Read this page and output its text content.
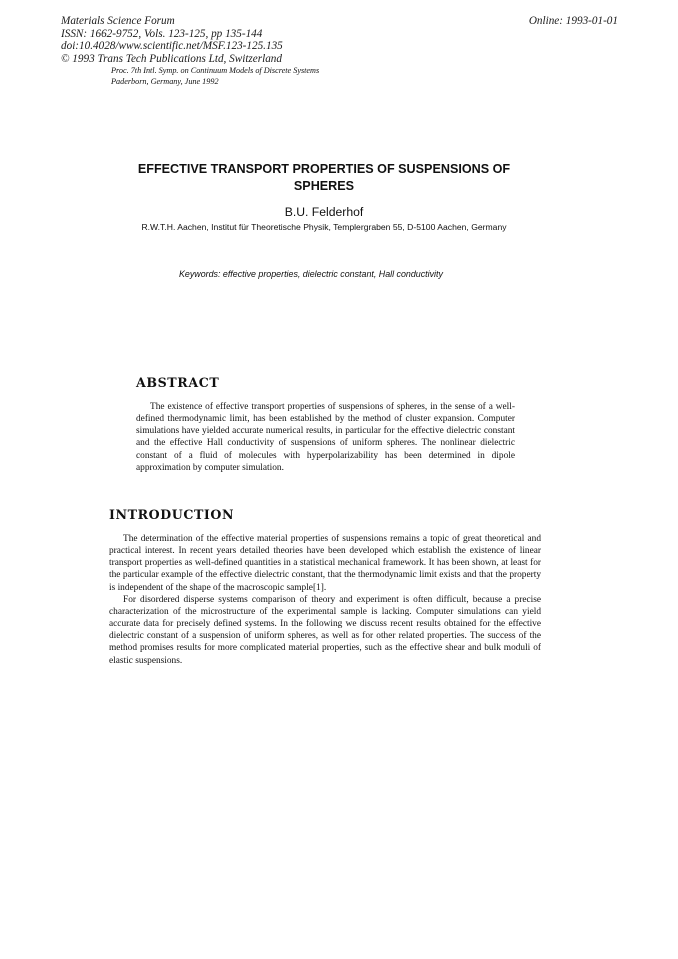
Materials Science Forum
ISSN: 1662-9752, Vols. 123-125, pp 135-144
doi:10.4028/www.scientific.net/MSF.123-125.135
© 1993 Trans Tech Publications Ltd, Switzerland
Online: 1993-01-01
Proc. 7th Intl. Symp. on Continuum Models of Discrete Systems
Paderborn, Germany, June 1992
EFFECTIVE TRANSPORT PROPERTIES OF SUSPENSIONS OF
SPHERES
B.U. Felderhof
R.W.T.H. Aachen, Institut für Theoretische Physik, Templergraben 55, D-5100 Aachen, Germany
Keywords: effective properties, dielectric constant, Hall conductivity
ABSTRACT

The existence of effective transport properties of suspensions of spheres, in the sense of a well-defined thermodynamic limit, has been established by the method of cluster expansion. Computer simulations have yielded accurate numerical results, in particular for the effective dielectric constant and the effective Hall conductivity of suspensions of uniform spheres. The nonlinear dielectric constant of a fluid of molecules with hyperpolarizability has been determined in dipole approximation by computer simulation.

INTRODUCTION

The determination of the effective material properties of suspensions remains a topic of great theoretical and practical interest. In recent years detailed theories have been developed which establish the existence of linear transport properties as well-defined quantities in a statistical mechanical framework. It has been shown, at least for the particular example of the effective dielectric constant, that the thermodynamic limit exists and that the property is independent of the shape of the macroscopic sample[1].

For disordered disperse systems comparison of theory and experiment is often difficult, because a precise characterization of the microstructure of the experimental sample is lacking. Computer simulations can yield accurate data for precisely defined systems. In the following we discuss recent results obtained for the effective dielectric constant of a suspension of uniform spheres, as well as for other related properties. The success of the method promises results for more complicated material properties, such as the effective shear and bulk moduli of elastic suspensions.
